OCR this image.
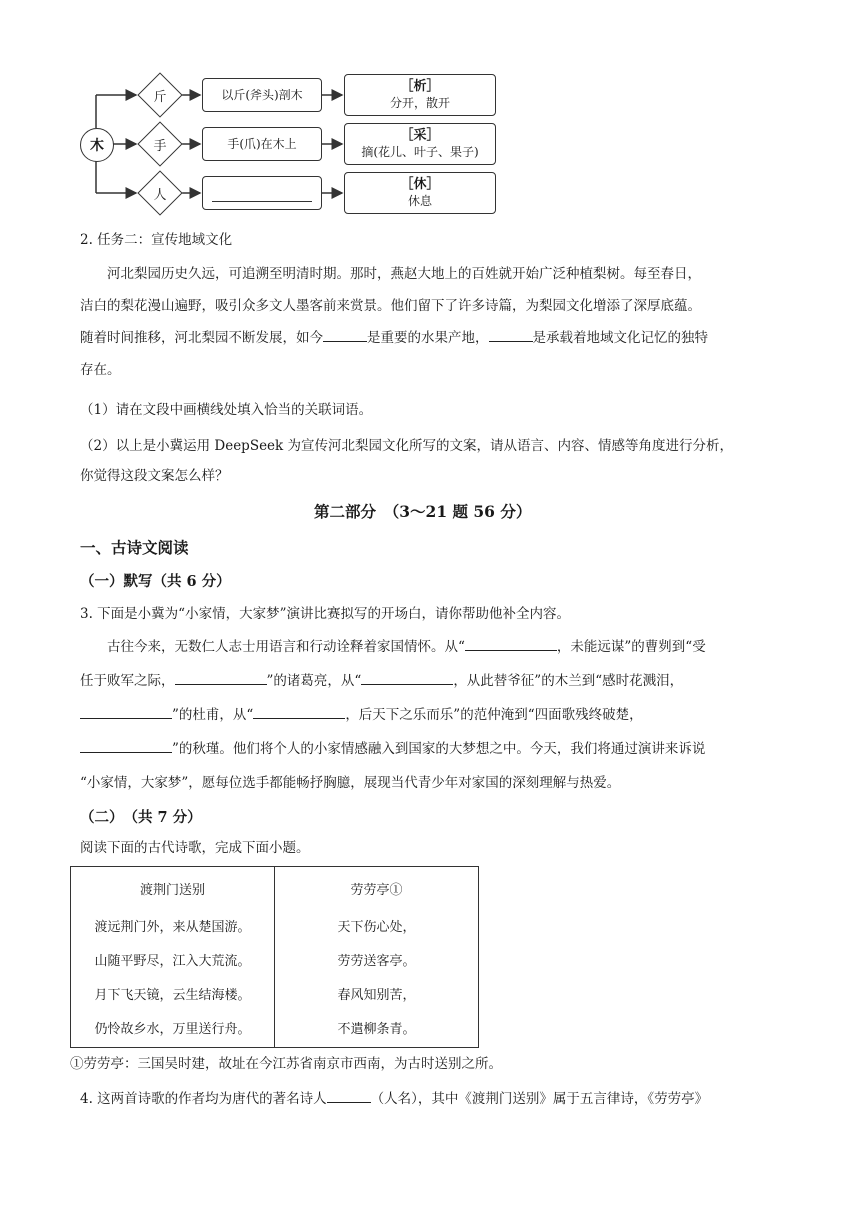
木
斤	以斤(斧头)剖木
［析］
分开，散开
手	手(爪)在木上
［采］
摘(花儿、叶子、果子)
人
［休］
休息
2. 任务二：宣传地域文化

河北梨园历史久远，可追溯至明清时期。那时，燕赵大地上的百姓就开始广泛种植梨树。每至春日，

洁白的梨花漫山遍野，吸引众多文人墨客前来赏景。他们留下了许多诗篇，为梨园文化增添了深厚底蕴。

随着时间推移，河北梨园不断发展，如今	是重要的水果产地，	是承载着地域文化记忆的独特

存在。

（1）请在文段中画横线处填入恰当的关联词语。
（2）以上是小冀运用 DeepSeek 为宣传河北梨园文化所写的文案，请从语言、内容、情感等角度进行分析，
你觉得这段文案怎么样？
第二部分　（3～21 题 56 分）
一、古诗文阅读
（一）默写（共 6 分）
3. 下面是小冀为“小家情，大家梦”演讲比赛拟写的开场白，请你帮助他补全内容。

古往今来，无数仁人志士用语言和行动诠释着家国情怀。从“	，未能远谋”的曹刿到“受

任于败军之际，	”的诸葛亮，从“	，从此替爷征”的木兰到“感时花溅泪，

”的杜甫，从“	，后天下之乐而乐”的范仲淹到“四面歌残终破楚，

”的秋瑾。他们将个人的小家情感融入到国家的大梦想之中。今天，我们将通过演讲来诉说

“小家情，大家梦”，愿每位选手都能畅抒胸臆，展现当代青少年对家国的深刻理解与热爱。

（二）　（共 7 分）
阅读下面的古代诗歌，完成下面小题。
渡荆门送别
渡远荆门外，来从楚国游。
山随平野尽，江入大荒流。
月下飞天镜，云生结海楼。
仍怜故乡水，万里送行舟。
劳劳亭①
天下伤心处，
劳劳送客亭。
春风知别苦，
不遣柳条青。
①劳劳亭：三国吴时建，故址在今江苏省南京市西南，为古时送别之所。
4. 这两首诗歌的作者均为唐代的著名诗人	（人名），其中《渡荆门送别》属于五言律诗，《劳劳亭》
